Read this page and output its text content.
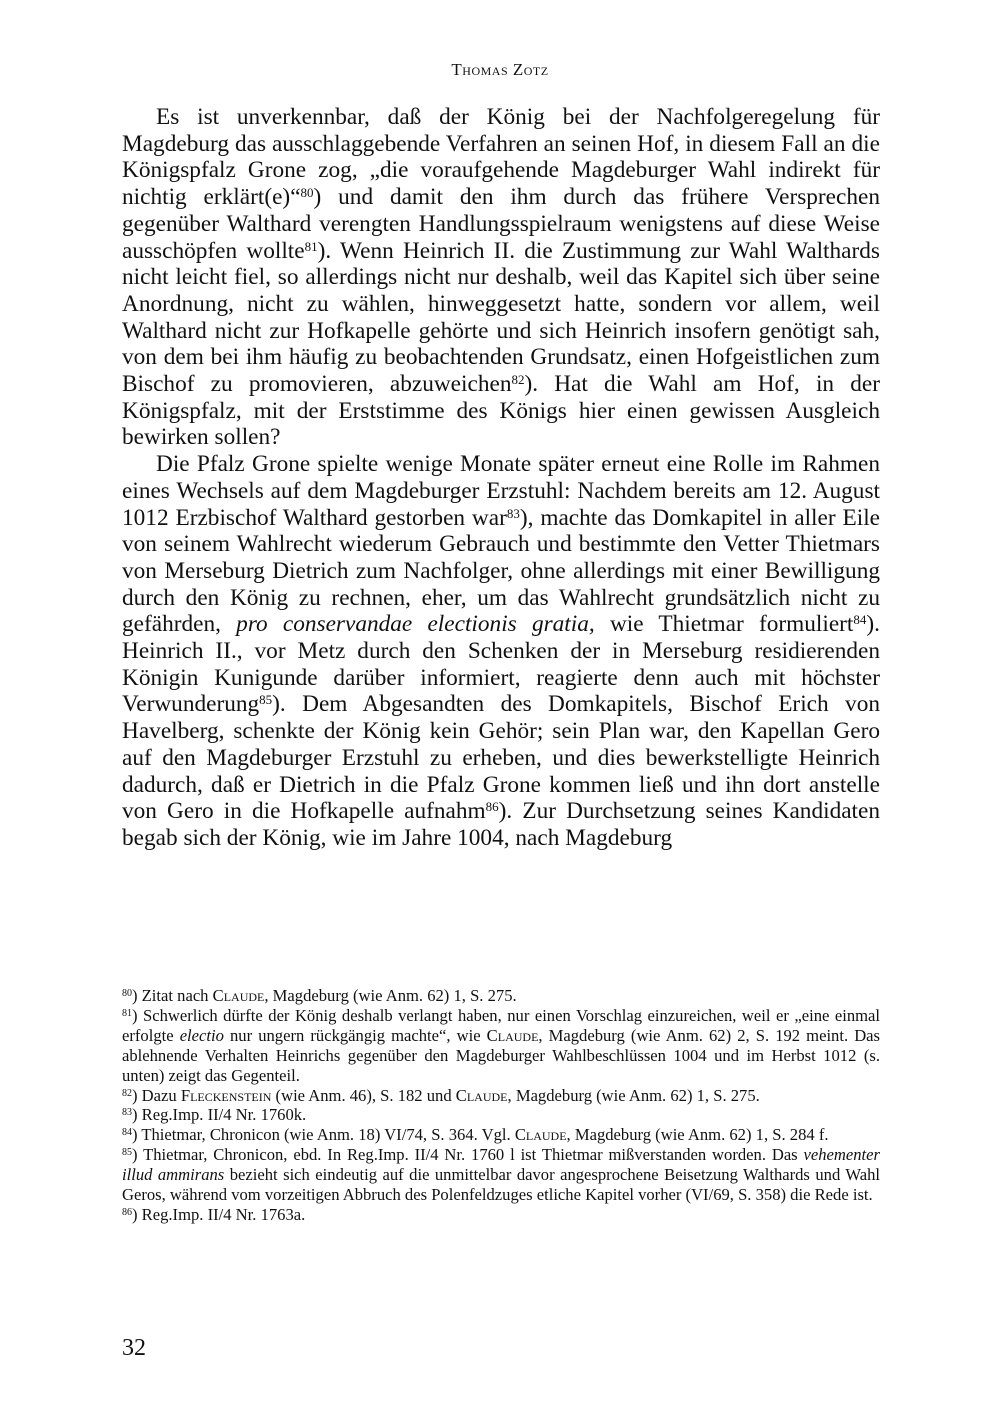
Thomas Zotz

Es ist unverkennbar, daß der König bei der Nachfolgeregelung für Magdeburg das ausschlaggebende Verfahren an seinen Hof, in diesem Fall an die Königspfalz Grone zog, „die voraufgehende Magdeburger Wahl indirekt für nichtig erklärt(e)“$^{80}$) und damit den ihm durch das frühere Versprechen gegenüber Walthard verengten Handlungsspielraum wenigstens auf diese Weise ausschöpfen wollte$^{81}$). Wenn Heinrich II. die Zustimmung zur Wahl Walthards nicht leicht fiel, so allerdings nicht nur deshalb, weil das Kapitel sich über seine Anordnung, nicht zu wählen, hinweggesetzt hatte, sondern vor allem, weil Walthard nicht zur Hofkapelle gehörte und sich Heinrich insofern genötigt sah, von dem bei ihm häufig zu beobachtenden Grundsatz, einen Hofgeistlichen zum Bischof zu promovieren, abzuweichen$^{82}$). Hat die Wahl am Hof, in der Königspfalz, mit der Erststimme des Königs hier einen gewissen Ausgleich bewirken sollen?

Die Pfalz Grone spielte wenige Monate später erneut eine Rolle im Rahmen eines Wechsels auf dem Magdeburger Erzstuhl: Nachdem bereits am 12. August 1012 Erzbischof Walthard gestorben war$^{83}$), machte das Domkapitel in aller Eile von seinem Wahlrecht wiederum Gebrauch und bestimmte den Vetter Thietmars von Merseburg Dietrich zum Nachfolger, ohne allerdings mit einer Bewilligung durch den König zu rechnen, eher, um das Wahlrecht grundsätzlich nicht zu gefährden, pro conservandae electionis gratia, wie Thietmar formuliert$^{84}$). Heinrich II., vor Metz durch den Schenken der in Merseburg residierenden Königin Kunigunde darüber informiert, reagierte denn auch mit höchster Verwunderung$^{85}$). Dem Abgesandten des Domkapitels, Bischof Erich von Havelberg, schenkte der König kein Gehör; sein Plan war, den Kapellan Gero auf den Magdeburger Erzstuhl zu erheben, und dies bewerkstelligte Heinrich dadurch, daß er Dietrich in die Pfalz Grone kommen ließ und ihn dort anstelle von Gero in die Hofkapelle aufnahm$^{86}$). Zur Durchsetzung seines Kandidaten begab sich der König, wie im Jahre 1004, nach Magdeburg

$^{80}$) Zitat nach Claude, Magdeburg (wie Anm. 62) 1, S. 275.

$^{81}$) Schwerlich dürfte der König deshalb verlangt haben, nur einen Vorschlag einzureichen, weil er „eine einmal erfolgte electio nur ungern rückgängig machte“, wie Claude, Magdeburg (wie Anm. 62) 2, S. 192 meint. Das ablehnende Verhalten Heinrichs gegenüber den Magdeburger Wahlbeschlüssen 1004 und im Herbst 1012 (s. unten) zeigt das Gegenteil.

$^{82}$) Dazu Fleckenstein (wie Anm. 46), S. 182 und Claude, Magdeburg (wie Anm. 62) 1, S. 275.

$^{83}$) Reg.Imp. II/4 Nr. 1760k.

$^{84}$) Thietmar, Chronicon (wie Anm. 18) VI/74, S. 364. Vgl. Claude, Magdeburg (wie Anm. 62) 1, S. 284 f.

$^{85}$) Thietmar, Chronicon, ebd. In Reg.Imp. II/4 Nr. 1760 l ist Thietmar mißverstanden worden. Das vehementer illud ammirans bezieht sich eindeutig auf die unmittelbar davor angesprochene Beisetzung Walthards und Wahl Geros, während vom vorzeitigen Abbruch des Polenfeldzuges etliche Kapitel vorher (VI/69, S. 358) die Rede ist.

$^{86}$) Reg.Imp. II/4 Nr. 1763a.

32
